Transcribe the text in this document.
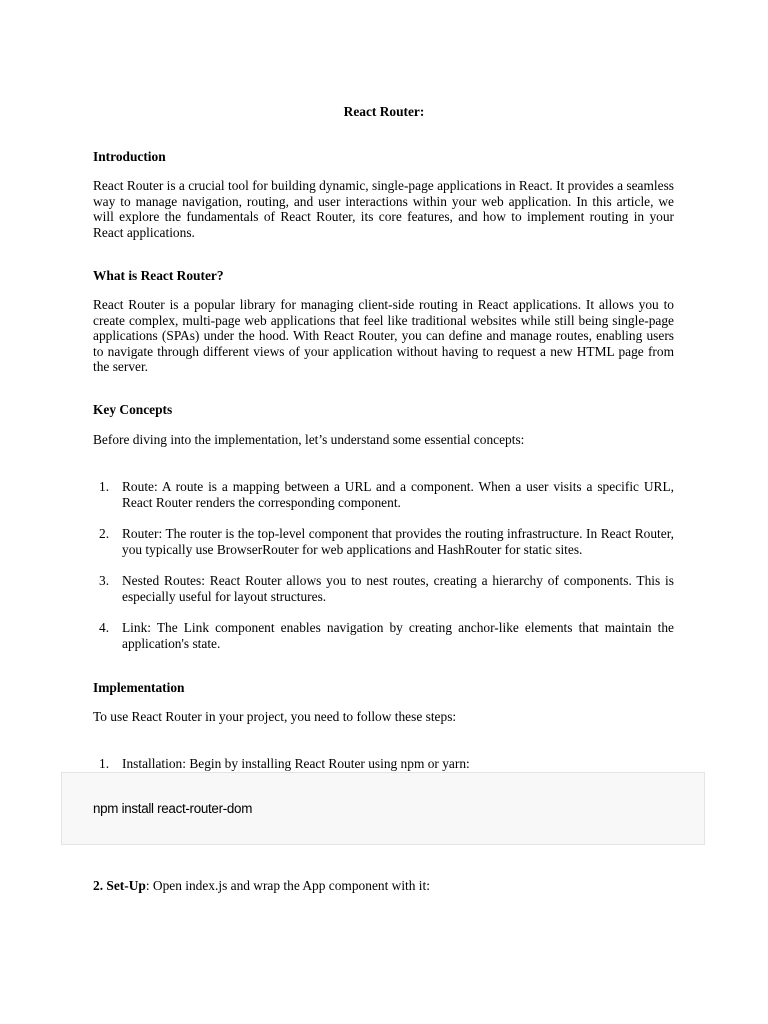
React Router:
Introduction

React Router is a crucial tool for building dynamic, single-page applications in React. It provides a seamless way to manage navigation, routing, and user interactions within your web application. In this article, we will explore the fundamentals of React Router, its core features, and how to implement routing in your React applications.

What is React Router?

React Router is a popular library for managing client-side routing in React applications. It allows you to create complex, multi-page web applications that feel like traditional websites while still being single-page applications (SPAs) under the hood. With React Router, you can define and manage routes, enabling users to navigate through different views of your application without having to request a new HTML page from the server.

Key Concepts

Before diving into the implementation, let’s understand some essential concepts:

1. Route: A route is a mapping between a URL and a component. When a user visits a specific URL, React Router renders the corresponding component.
2. Router: The router is the top-level component that provides the routing infrastructure. In React Router, you typically use BrowserRouter for web applications and HashRouter for static sites.
3. Nested Routes: React Router allows you to nest routes, creating a hierarchy of components. This is especially useful for layout structures.
4. Link: The Link component enables navigation by creating anchor-like elements that maintain the application's state.
Implementation

To use React Router in your project, you need to follow these steps:

1. Installation: Begin by installing React Router using npm or yarn:
npm install react-router-dom

2. Set-Up: Open index.js and wrap the App component with it:
